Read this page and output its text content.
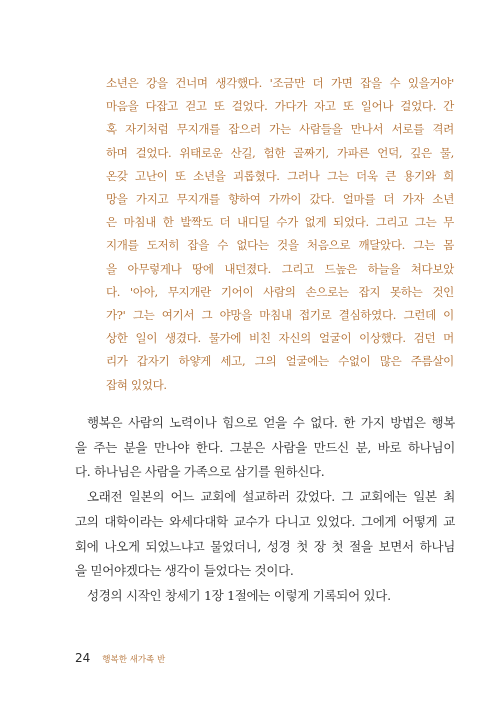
소년은 강을 건너며 생각했다. '조금만 더 가면 잡을 수 있을거야'

마음을 다잡고 걷고 또 걸었다. 가다가 자고 또 일어나 걸었다. 간

혹 자기처럼 무지개를 잡으러 가는 사람들을 만나서 서로를 격려

하며 걸었다. 위태로운 산길, 험한 골짜기, 가파른 언덕, 깊은 물,

온갖 고난이 또 소년을 괴롭혔다. 그러나 그는 더욱 큰 용기와 희

망을 가지고 무지개를 향하여 가까이 갔다. 얼마를 더 가자 소년

은 마침내 한 발짝도 더 내디딜 수가 없게 되었다. 그리고 그는 무

지개를 도저히 잡을 수 없다는 것을 처음으로 깨달았다. 그는 몸

을 아무렇게나 땅에 내던졌다. 그리고 드높은 하늘을 쳐다보았

다. '아아, 무지개란 기어이 사람의 손으로는 잡지 못하는 것인

가?' 그는 여기서 그 야망을 마침내 접기로 결심하였다. 그런데 이

상한 일이 생겼다. 물가에 비친 자신의 얼굴이 이상했다. 검던 머

리가 갑자기 하얗게 세고, 그의 얼굴에는 수없이 많은 주름살이

잡혀 있었다.

행복은 사람의 노력이나 힘으로 얻을 수 없다. 한 가지 방법은 행복

을 주는 분을 만나야 한다. 그분은 사람을 만드신 분, 바로 하나님이

다. 하나님은 사람을 가족으로 삼기를 원하신다.

오래전 일본의 어느 교회에 설교하러 갔었다. 그 교회에는 일본 최

고의 대학이라는 와세다대학 교수가 다니고 있었다. 그에게 어떻게 교

회에 나오게 되었느냐고 물었더니, 성경 첫 장 첫 절을 보면서 하나님

을 믿어야겠다는 생각이 들었다는 것이다.

성경의 시작인 창세기 1장 1절에는 이렇게 기록되어 있다.

24 행복한 새가족 반
